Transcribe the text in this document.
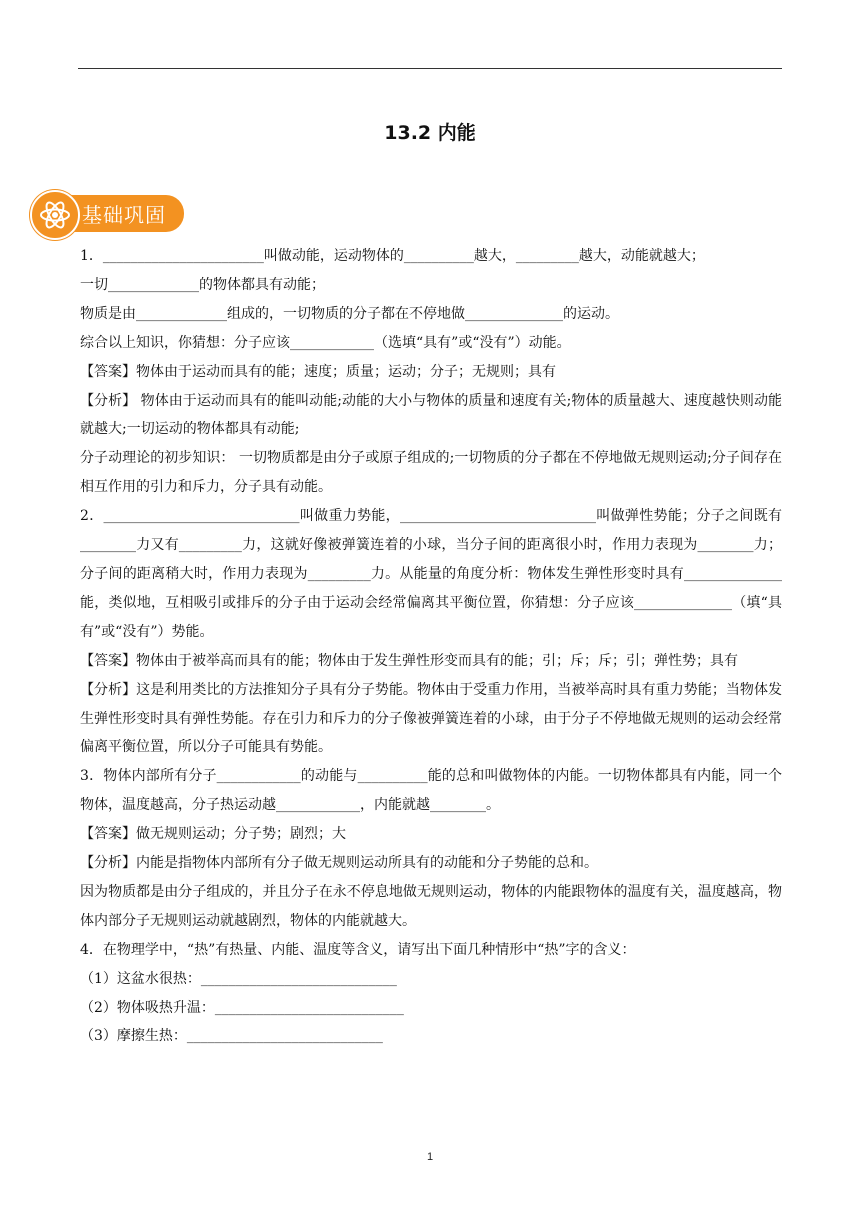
13.2 内能
基础巩固

1．_______________________叫做动能，运动物体的__________越大，_________越大，动能就越大；

一切_____________的物体都具有动能；

物质是由_____________组成的，一切物质的分子都在不停地做______________的运动。

综合以上知识，你猜想：分子应该____________（选填“具有”或“没有”）动能。

【答案】物体由于运动而具有的能；速度；质量；运动；分子；无规则；具有

【分析】 物体由于运动而具有的能叫动能;动能的大小与物体的质量和速度有关;物体的质量越大、速度越快则动能就越大;一切运动的物体都具有动能;

分子动理论的初步知识： 一切物质都是由分子或原子组成的;一切物质的分子都在不停地做无规则运动;分子间存在相互作用的引力和斥力，分子具有动能。

2．____________________________叫做重力势能，____________________________叫做弹性势能；分子之间既有________力又有_________力，这就好像被弹簧连着的小球，当分子间的距离很小时，作用力表现为________力；分子间的距离稍大时，作用力表现为_________力。从能量的角度分析：物体发生弹性形变时具有______________能，类似地，互相吸引或排斥的分子由于运动会经常偏离其平衡位置，你猜想：分子应该______________（填“具有”或“没有”）势能。

【答案】物体由于被举高而具有的能；物体由于发生弹性形变而具有的能；引；斥；斥；引；弹性势；具有

【分析】这是利用类比的方法推知分子具有分子势能。物体由于受重力作用，当被举高时具有重力势能；当物体发生弹性形变时具有弹性势能。存在引力和斥力的分子像被弹簧连着的小球，由于分子不停地做无规则的运动会经常偏离平衡位置，所以分子可能具有势能。

3．物体内部所有分子____________的动能与__________能的总和叫做物体的内能。一切物体都具有内能，同一个物体，温度越高，分子热运动越____________，内能就越________。

【答案】做无规则运动；分子势；剧烈；大

【分析】内能是指物体内部所有分子做无规则运动所具有的动能和分子势能的总和。

因为物质都是由分子组成的，并且分子在永不停息地做无规则运动，物体的内能跟物体的温度有关，温度越高，物体内部分子无规则运动就越剧烈，物体的内能就越大。

4．在物理学中，“热”有热量、内能、温度等含义，请写出下面几种情形中“热”字的含义：

（1）这盆水很热：____________________________

（2）物体吸热升温：___________________________

（3）摩擦生热：____________________________

1
